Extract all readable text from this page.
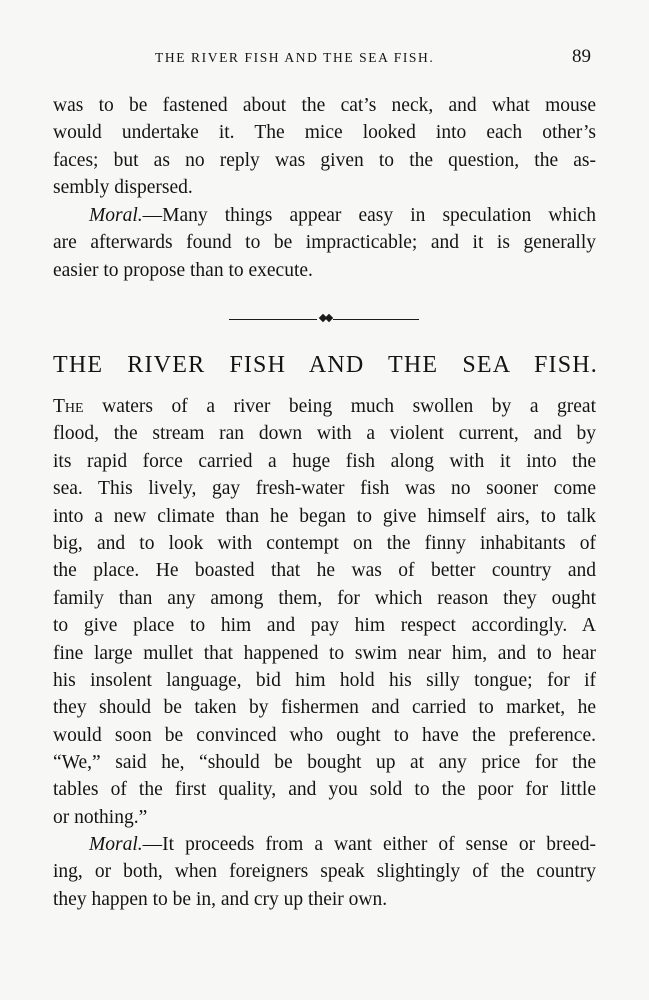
THE RIVER FISH AND THE SEA FISH.	89
was to be fastened about the cat’s neck, and what mouse
would undertake it. The mice looked into each other’s
faces; but as no reply was given to the question, the as-
sembly dispersed.
Moral.—Many things appear easy in speculation which
are afterwards found to be impracticable; and it is generally
easier to propose than to execute.
THE RIVER FISH AND THE SEA FISH.
The waters of a river being much swollen by a great
flood, the stream ran down with a violent current, and by
its rapid force carried a huge fish along with it into the
sea. This lively, gay fresh-water fish was no sooner come
into a new climate than he began to give himself airs, to talk
big, and to look with contempt on the finny inhabitants of
the place. He boasted that he was of better country and
family than any among them, for which reason they ought
to give place to him and pay him respect accordingly. A
fine large mullet that happened to swim near him, and to hear
his insolent language, bid him hold his silly tongue; for if
they should be taken by fishermen and carried to market, he
would soon be convinced who ought to have the preference.
“We,” said he, “should be bought up at any price for the
tables of the first quality, and you sold to the poor for little
or nothing.”
Moral.—It proceeds from a want either of sense or breed-
ing, or both, when foreigners speak slightingly of the country
they happen to be in, and cry up their own.
